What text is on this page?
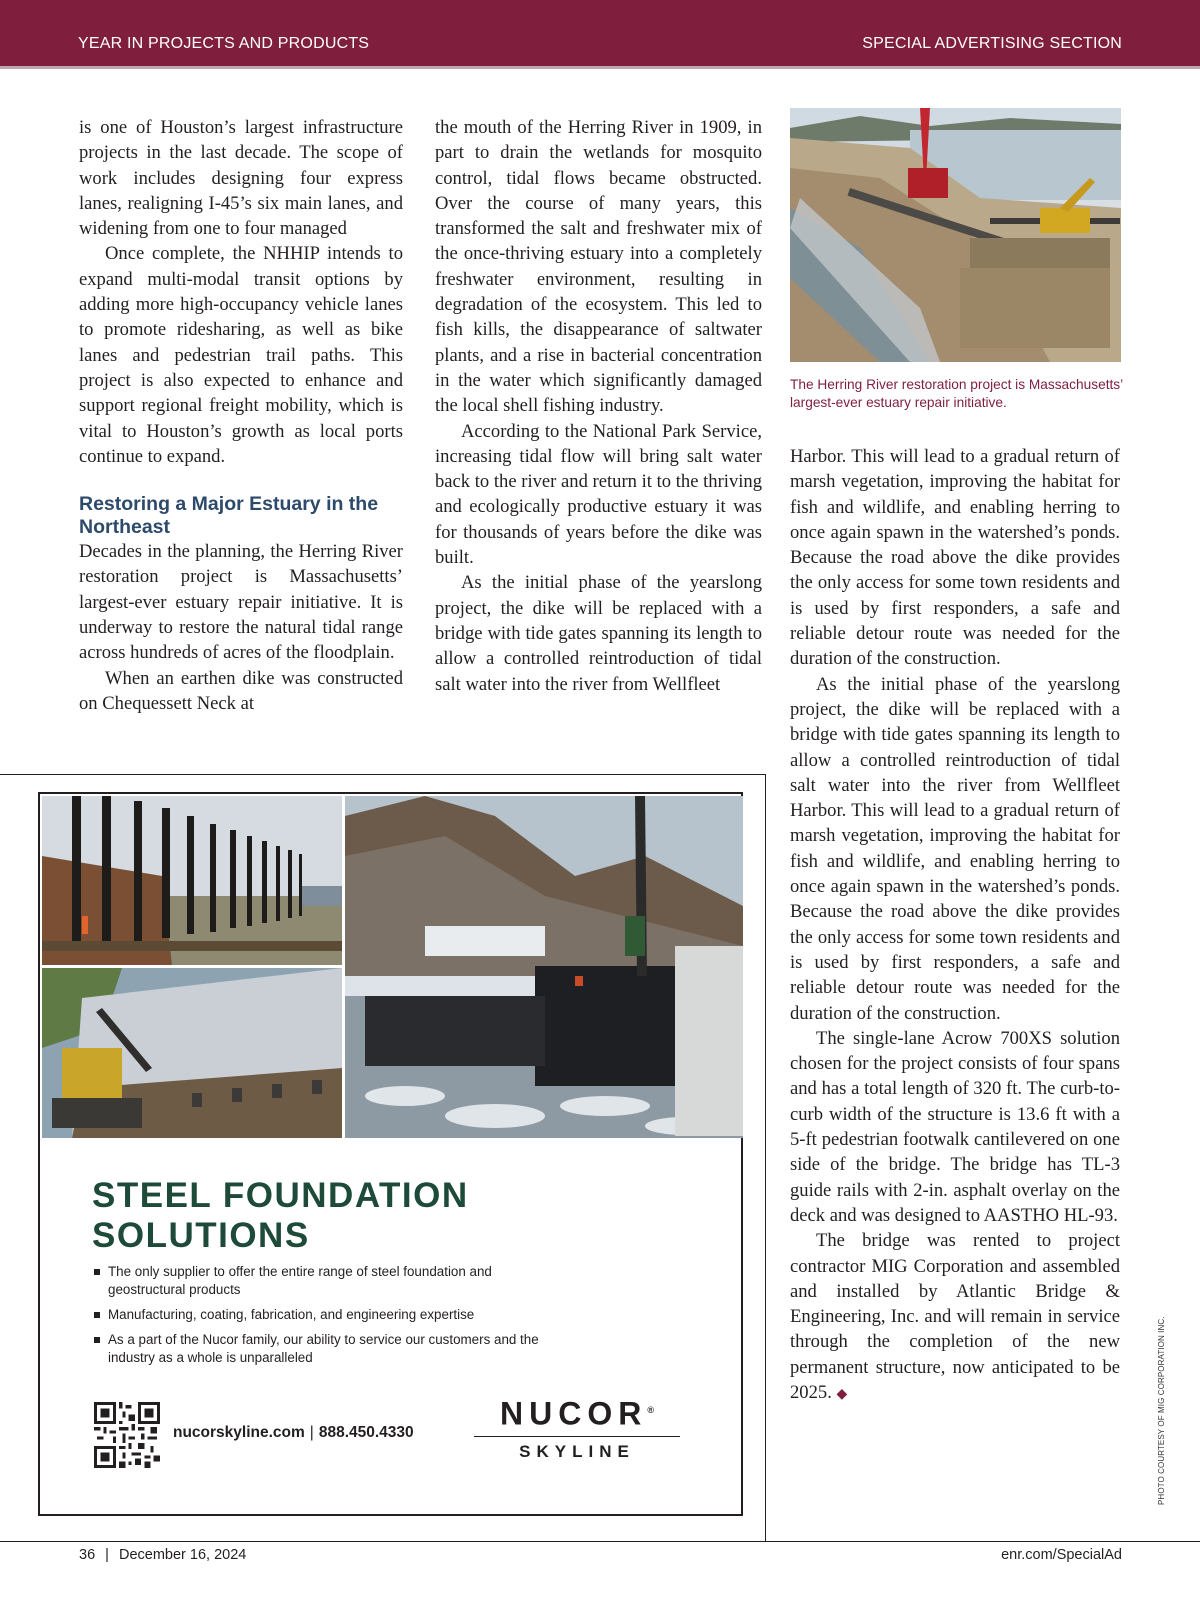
YEAR IN PROJECTS AND PRODUCTS	SPECIAL ADVERTISING SECTION

is one of Houston’s largest infrastructure projects in the last decade. The scope of work includes designing four express lanes, realigning I-45’s six main lanes, and widening from one to four managed

Once complete, the NHHIP intends to expand multi-modal transit options by adding more high-occupancy vehicle lanes to promote ridesharing, as well as bike lanes and pedestrian trail paths. This project is also expected to enhance and support regional freight mobility, which is vital to Houston’s growth as local ports continue to expand.

Restoring a Major Estuary in the Northeast

Decades in the planning, the Herring River restoration project is Massachusetts’ largest-ever estuary repair initiative. It is underway to restore the natural tidal range across hundreds of acres of the floodplain.

When an earthen dike was constructed on Chequessett Neck at

the mouth of the Herring River in 1909, in part to drain the wetlands for mosquito control, tidal flows became obstructed. Over the course of many years, this transformed the salt and freshwater mix of the once-thriving estuary into a completely freshwater environment, resulting in degradation of the ecosystem. This led to fish kills, the disappearance of saltwater plants, and a rise in bacterial concentration in the water which significantly damaged the local shell fishing industry.

According to the National Park Service, increasing tidal flow will bring salt water back to the river and return it to the thriving and ecologically productive estuary it was for thousands of years before the dike was built.

As the initial phase of the yearslong project, the dike will be replaced with a bridge with tide gates spanning its length to allow a controlled reintroduction of tidal salt water into the river from Wellfleet

The Herring River restoration project is Massachusetts’ largest-ever estuary repair initiative.

Harbor. This will lead to a gradual return of marsh vegetation, improving the habitat for fish and wildlife, and enabling herring to once again spawn in the watershed’s ponds. Because the road above the dike provides the only access for some town residents and is used by first responders, a safe and reliable detour route was needed for the duration of the construction.

As the initial phase of the yearslong project, the dike will be replaced with a bridge with tide gates spanning its length to allow a controlled reintroduction of tidal salt water into the river from Wellfleet Harbor. This will lead to a gradual return of marsh vegetation, improving the habitat for fish and wildlife, and enabling herring to once again spawn in the watershed’s ponds. Because the road above the dike provides the only access for some town residents and is used by first responders, a safe and reliable detour route was needed for the duration of the construction.

The single-lane Acrow 700XS solution chosen for the project consists of four spans and has a total length of 320 ft. The curb-to-curb width of the structure is 13.6 ft with a 5-ft pedestrian footwalk cantilevered on one side of the bridge. The bridge has TL-3 guide rails with 2-in. asphalt overlay on the deck and was designed to AASTHO HL-93.

The bridge was rented to project contractor MIG Corporation and assembled and installed by Atlantic Bridge & Engineering, Inc. and will remain in service through the completion of the new permanent structure, now anticipated to be 2025. ◆	PHOTO COURTESY OF MIG CORPORATION INC.
STEEL FOUNDATION
SOLUTIONS
The only supplier to offer the entire range of steel foundation and geostructural products
Manufacturing, coating, fabrication, and engineering expertise
As a part of the Nucor family, our ability to service our customers and the industry as a whole is unparalleled
nucorskyline.com | 888.450.4330
NUCOR®
SKYLINE
36 | December 16, 2024	enr.com/SpecialAd
